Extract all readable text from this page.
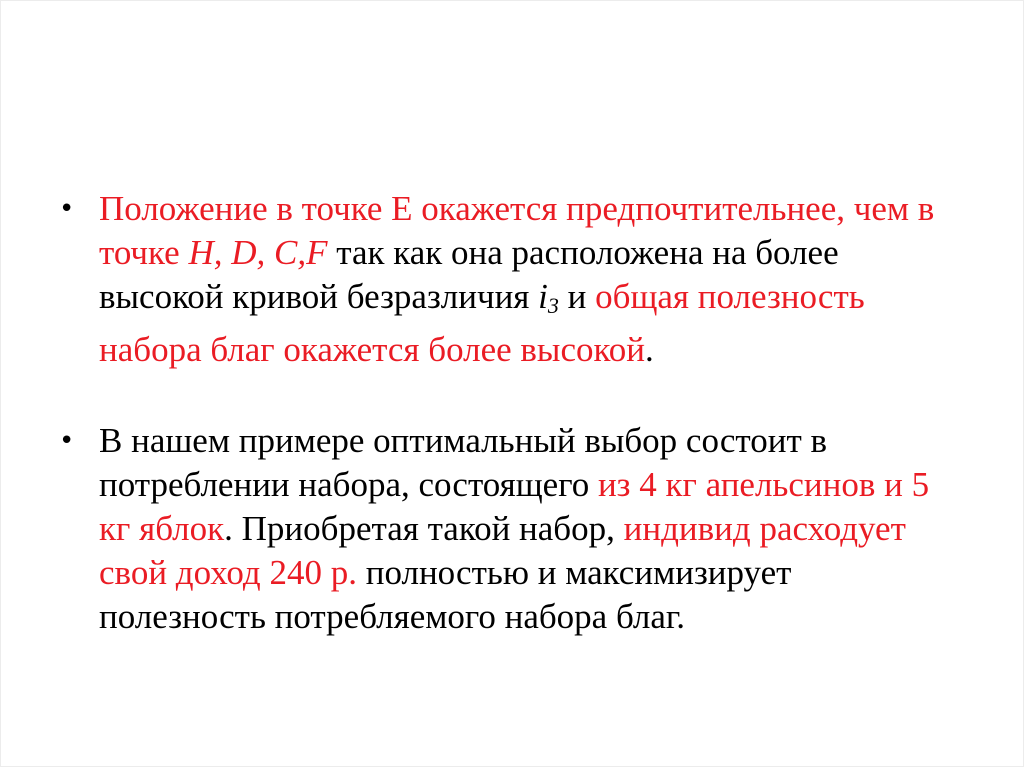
• Положение в точке E окажется предпочтительнее, чем в точке H, D, C,F так как она расположена на более высокой кривой безразличия $i_3$ и общая полезность набора благ окажется более высокой.
• В нашем примере оптимальный выбор состоит в потреблении набора, состоящего из 4 кг апельсинов и 5 кг яблок. Приобретая такой набор, индивид расходует свой доход 240 р. полностью и максимизирует полезность потребляемого набора благ.
